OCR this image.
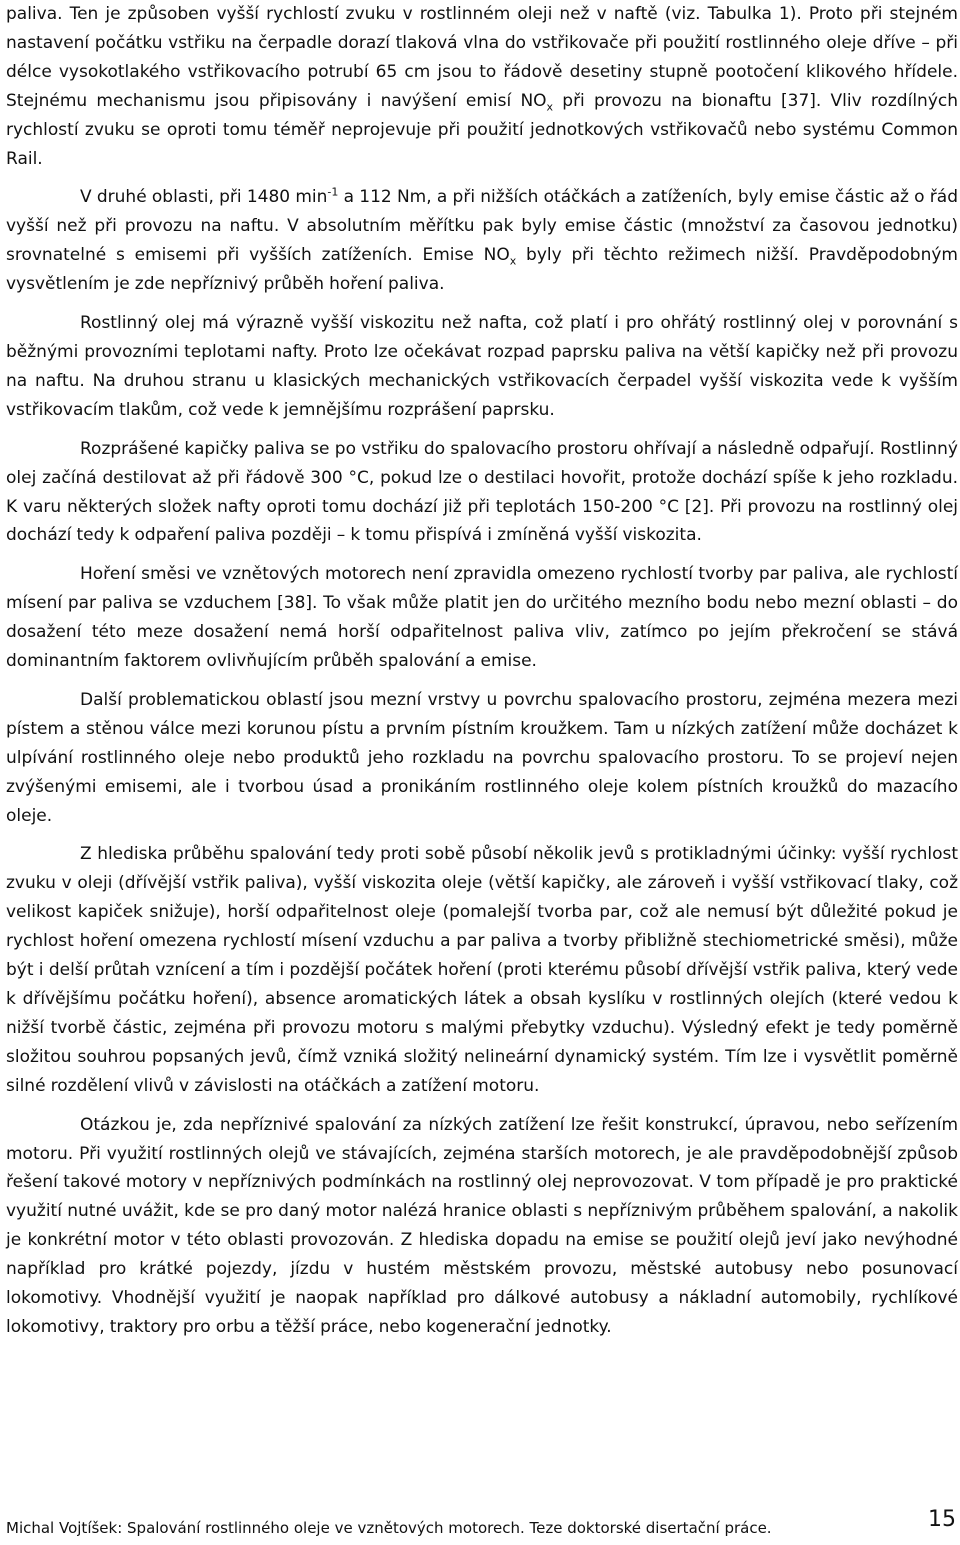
paliva. Ten je způsoben vyšší rychlostí zvuku v rostlinném oleji než v naftě (viz. Tabulka 1). Proto při stejném nastavení počátku vstřiku na čerpadle dorazí tlaková vlna do vstřikovače při použití rostlinného oleje dříve – při délce vysokotlakého vstřikovacího potrubí 65 cm jsou to řádově desetiny stupně pootočení klikového hřídele. Stejnému mechanismu jsou připisovány i navýšení emisí $NO_x$ při provozu na bionaftu [37]. Vliv rozdílných rychlostí zvuku se oproti tomu téměř neprojevuje při použití jednotkových vstřikovačů nebo systému Common Rail.

V druhé oblasti, při 1480 $\min^{-1} a$ 112 Nm, a při nižších otáčkách a zatíženích, byly emise částic až o řád vyšší než při provozu na naftu. V absolutním měřítku pak byly emise částic (množství za časovou jednotku) srovnatelné s emisemi při vyšších zatíženích. Emise $NO_x$ byly při těchto režimech nižší. Pravděpodobným vysvětlením je zde nepříznivý průběh hoření paliva.

Rostlinný olej má výrazně vyšší viskozitu než nafta, což platí i pro ohřátý rostlinný olej v porovnání s běžnými provozními teplotami nafty. Proto lze očekávat rozpad paprsku paliva na větší kapičky než při provozu na naftu. Na druhou stranu u klasických mechanických vstřikovacích čerpadel vyšší viskozita vede k vyšším vstřikovacím tlakům, což vede k jemnějšímu rozprášení paprsku.

Rozprášené kapičky paliva se po vstřiku do spalovacího prostoru ohřívají a následně odpařují. Rostlinný olej začíná destilovat až při řádově 300 °C, pokud lze o destilaci hovořit, protože dochází spíše k jeho rozkladu. K varu některých složek nafty oproti tomu dochází již při teplotách 150-200 °C [2]. Při provozu na rostlinný olej dochází tedy k odpaření paliva později – k tomu přispívá i zmíněná vyšší viskozita.

Hoření směsi ve vznětových motorech není zpravidla omezeno rychlostí tvorby par paliva, ale rychlostí mísení par paliva se vzduchem [38]. To však může platit jen do určitého mezního bodu nebo mezní oblasti – do dosažení této meze dosažení nemá horší odpařitelnost paliva vliv, zatímco po jejím překročení se stává dominantním faktorem ovlivňujícím průběh spalování a emise.

Další problematickou oblastí jsou mezní vrstvy u povrchu spalovacího prostoru, zejména mezera mezi pístem a stěnou válce mezi korunou pístu a prvním pístním kroužkem. Tam u nízkých zatížení může docházet k ulpívání rostlinného oleje nebo produktů jeho rozkladu na povrchu spalovacího prostoru. To se projeví nejen zvýšenými emisemi, ale i tvorbou úsad a pronikáním rostlinného oleje kolem pístních kroužků do mazacího oleje.

Z hlediska průběhu spalování tedy proti sobě působí několik jevů s protikladnými účinky: vyšší rychlost zvuku v oleji (dřívější vstřik paliva), vyšší viskozita oleje (větší kapičky, ale zároveň i vyšší vstřikovací tlaky, což velikost kapiček snižuje), horší odpařitelnost oleje (pomalejší tvorba par, což ale nemusí být důležité pokud je rychlost hoření omezena rychlostí mísení vzduchu a par paliva a tvorby přibližně stechiometrické směsi), může být i delší průtah vznícení a tím i pozdější počátek hoření (proti kterému působí dřívější vstřik paliva, který vede k dřívějšímu počátku hoření), absence aromatických látek a obsah kyslíku v rostlinných olejích (které vedou k nižší tvorbě částic, zejména při provozu motoru s malými přebytky vzduchu). Výsledný efekt je tedy poměrně složitou souhrou popsaných jevů, čímž vzniká složitý nelineární dynamický systém. Tím lze i vysvětlit poměrně silné rozdělení vlivů v závislosti na otáčkách a zatížení motoru.

Otázkou je, zda nepříznivé spalování za nízkých zatížení lze řešit konstrukcí, úpravou, nebo seřízením motoru. Při využití rostlinných olejů ve stávajících, zejména starších motorech, je ale pravděpodobnější způsob řešení takové motory v nepříznivých podmínkách na rostlinný olej neprovozovat. V tom případě je pro praktické využití nutné uvážit, kde se pro daný motor nalézá hranice oblasti s nepříznivým průběhem spalování, a nakolik je konkrétní motor v této oblasti provozován. Z hlediska dopadu na emise se použití olejů jeví jako nevýhodné například pro krátké pojezdy, jízdu v hustém městském provozu, městské autobusy nebo posunovací lokomotivy. Vhodnější využití je naopak například pro dálkové autobusy a nákladní automobily, rychlíkové lokomotivy, traktory pro orbu a těžší práce, nebo kogenerační jednotky.

Michal Vojtíšek: Spalování rostlinného oleje ve vznětových motorech. Teze doktorské disertační práce.	15
